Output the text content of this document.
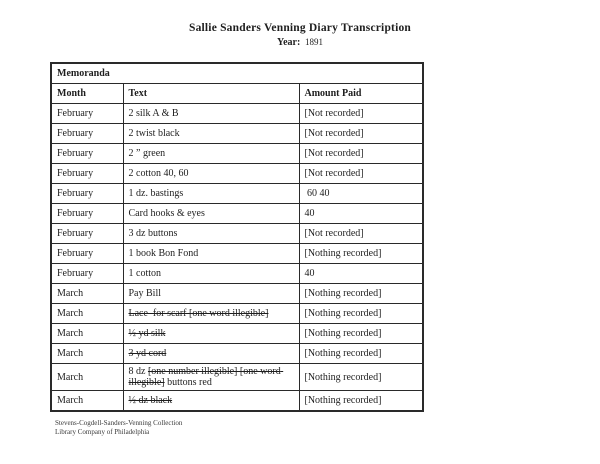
Sallie Sanders Venning Diary Transcription
Year: 1891
Memoranda		
Month	Text	Amount Paid
February	2 silk A & B	[Not recorded]
February	2 twist black	[Not recorded]
February	2 ” green	[Not recorded]
February	2 cotton 40, 60	[Not recorded]
February	1 dz. bastings	60 40
February	Card hooks & eyes	40
February	3 dz buttons	[Not recorded]
February	1 book Bon Fond	[Nothing recorded]
February	1 cotton	40
March	Pay Bill	[Nothing recorded]
March	Lace  for scarf [one word illegible]	[Nothing recorded]
March	½ yd silk	[Nothing recorded]
March	3 yd cord	[Nothing recorded]
March	8 dz [one number illegible] [one word illegible] buttons red	[Nothing recorded]
March	½ dz black	[Nothing recorded]
Stevens-Cogdell-Sanders-Venning Collection
Library Company of Philadelphia
